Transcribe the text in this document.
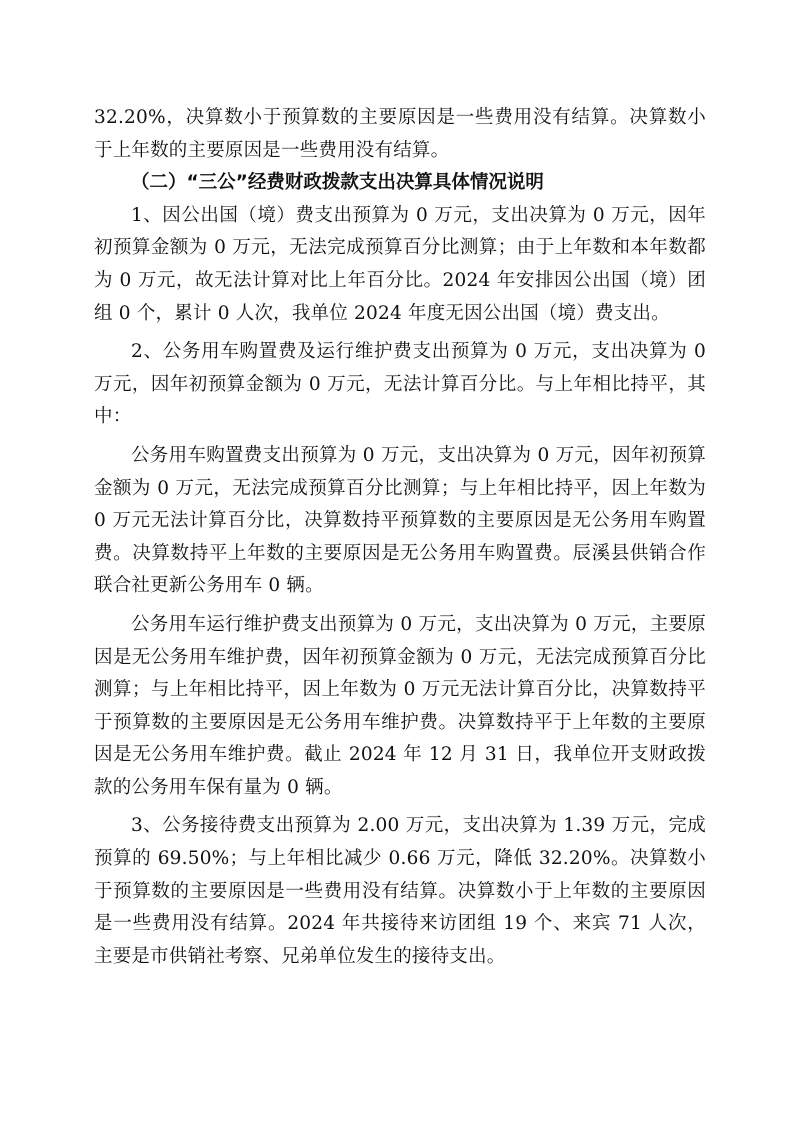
32.20%，决算数小于预算数的主要原因是一些费用没有结算。决算数小于上年数的主要原因是一些费用没有结算。

（二）“三公”经费财政拨款支出决算具体情况说明

1、因公出国（境）费支出预算为 0 万元，支出决算为 0 万元，因年初预算金额为 0 万元，无法完成预算百分比测算；由于上年数和本年数都为 0 万元，故无法计算对比上年百分比。2024 年安排因公出国（境）团组 0 个，累计 0 人次，我单位 2024 年度无因公出国（境）费支出。

2、公务用车购置费及运行维护费支出预算为 0 万元，支出决算为 0 万元，因年初预算金额为 0 万元，无法计算百分比。与上年相比持平，其中：

公务用车购置费支出预算为 0 万元，支出决算为 0 万元，因年初预算金额为 0 万元，无法完成预算百分比测算；与上年相比持平，因上年数为 0 万元无法计算百分比，决算数持平预算数的主要原因是无公务用车购置费。决算数持平上年数的主要原因是无公务用车购置费。辰溪县供销合作联合社更新公务用车 0 辆。

公务用车运行维护费支出预算为 0 万元，支出决算为 0 万元，主要原因是无公务用车维护费，因年初预算金额为 0 万元，无法完成预算百分比测算；与上年相比持平，因上年数为 0 万元无法计算百分比，决算数持平于预算数的主要原因是无公务用车维护费。决算数持平于上年数的主要原因是无公务用车维护费。截止 2024 年 12 月 31 日，我单位开支财政拨款的公务用车保有量为 0 辆。

3、公务接待费支出预算为 2.00 万元，支出决算为 1.39 万元，完成预算的 69.50%；与上年相比减少 0.66 万元，降低 32.20%。决算数小于预算数的主要原因是一些费用没有结算。决算数小于上年数的主要原因是一些费用没有结算。2024 年共接待来访团组 19 个、来宾 71 人次，主要是市供销社考察、兄弟单位发生的接待支出。
